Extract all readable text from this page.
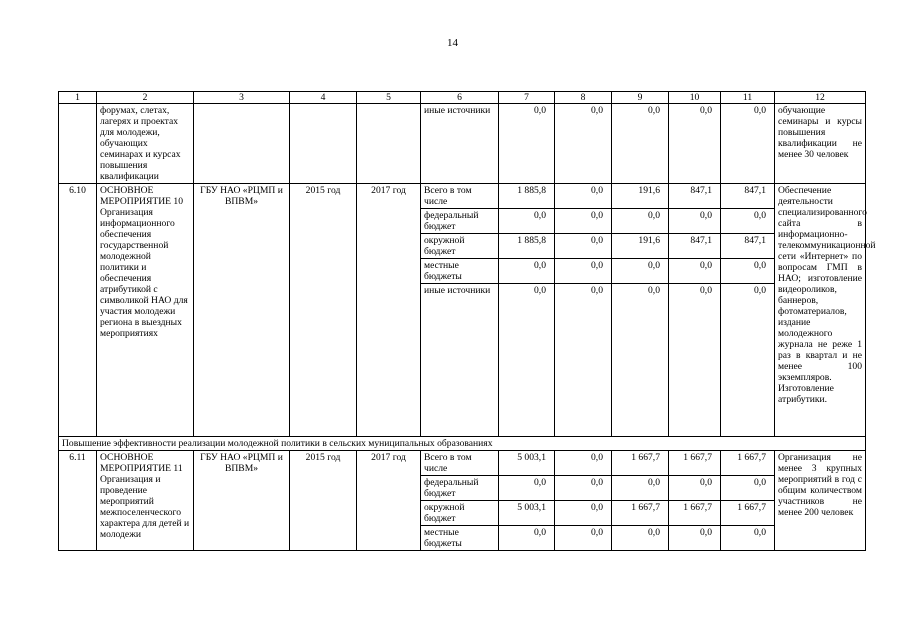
14
1	2	3	4	5	6	7	8	9	10	11	12
	форумах, слетах, лагерях и проектах для молодежи, обучающих семинарах и курсах повышения квалификации				иные источники	0,0	0,0	0,0	0,0	0,0	обучающие семинары и курсы повышения квалификации не менее 30 человек
6.10	ОСНОВНОЕ МЕРОПРИЯТИЕ 10 Организация информационного обеспечения государственной молодежной политики и обеспечения атрибутикой с символикой НАО для участия молодежи региона в выездных мероприятиях	ГБУ НАО «РЦМП и ВПВМ»	2015 год	2017 год	Всего в том числе	1 885,8	0,0	191,6	847,1	847,1	Обеспечение деятельности специализированного сайта в информационно-телекоммуникационной сети «Интернет» по вопросам ГМП в НАО; изготовление видеороликов, баннеров, фотоматериалов, издание молодежного журнала не реже 1 раз в квартал и не менее 100 экземпляров. Изготовление атрибутики.
					федеральный бюджет	0,0	0,0	0,0	0,0	0,0	
					окружной бюджет	1 885,8	0,0	191,6	847,1	847,1	
					местные бюджеты	0,0	0,0	0,0	0,0	0,0	
					иные источники	0,0	0,0	0,0	0,0	0,0	
Повышение эффективности реализации молодежной политики в сельских муниципальных образованиях											
6.11	ОСНОВНОЕ МЕРОПРИЯТИЕ 11 Организация и проведение мероприятий межпоселенческого характера для детей и молодежи	ГБУ НАО «РЦМП и ВПВМ»	2015 год	2017 год	Всего в том числе	5 003,1	0,0	1 667,7	1 667,7	1 667,7	Организация не менее 3 крупных мероприятий в год с общим количеством участников не менее 200 человек
					федеральный бюджет	0,0	0,0	0,0	0,0	0,0	
					окружной бюджет	5 003,1	0,0	1 667,7	1 667,7	1 667,7	
					местные бюджеты	0,0	0,0	0,0	0,0	0,0	
